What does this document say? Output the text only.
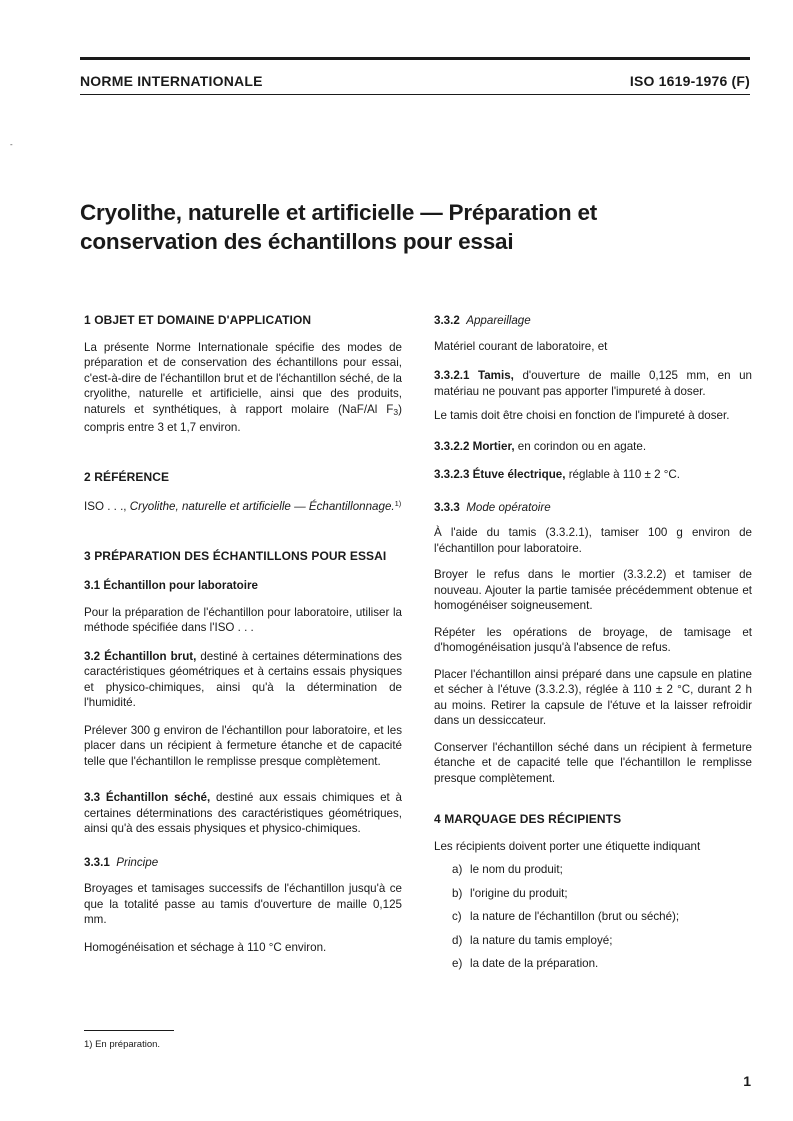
NORME INTERNATIONALE	ISO 1619-1976 (F)
-
Cryolithe, naturelle et artificielle — Préparation et
conservation des échantillons pour essai

1 OBJET ET DOMAINE D'APPLICATION

La présente Norme Internationale spécifie des modes de préparation et de conservation des échantillons pour essai, c'est-à-dire de l'échantillon brut et de l'échantillon séché, de la cryolithe, naturelle et artificielle, ainsi que des produits, naturels et synthétiques, à rapport molaire (NaF/Al $F_3$) compris entre 3 et 1,7 environ.

2 RÉFÉRENCE

ISO . . ., Cryolithe, naturelle et artificielle — Échantillonnage.$^{1)}$

3 PRÉPARATION DES ÉCHANTILLONS POUR ESSAI

3.1 Échantillon pour laboratoire

Pour la préparation de l'échantillon pour laboratoire, utiliser la méthode spécifiée dans l'ISO . . .

3.2 Échantillon brut, destiné à certaines déterminations des caractéristiques géométriques et à certains essais physiques et physico-chimiques, ainsi qu'à la détermination de l'humidité.

Prélever 300 g environ de l'échantillon pour laboratoire, et les placer dans un récipient à fermeture étanche et de capacité telle que l'échantillon le remplisse presque complètement.

3.3 Échantillon séché, destiné aux essais chimiques et à certaines déterminations des caractéristiques géométriques, ainsi qu'à des essais physiques et physico-chimiques.

3.3.1 Principe

Broyages et tamisages successifs de l'échantillon jusqu'à ce que la totalité passe au tamis d'ouverture de maille 0,125 mm.

Homogénéisation et séchage à 110 °C environ.

3.3.2 Appareillage

Matériel courant de laboratoire, et

3.3.2.1 Tamis, d'ouverture de maille 0,125 mm, en un matériau ne pouvant pas apporter l'impureté à doser.

Le tamis doit être choisi en fonction de l'impureté à doser.

3.3.2.2 Mortier, en corindon ou en agate.

3.3.2.3 Étuve électrique, réglable à 110 ± 2 °C.

3.3.3 Mode opératoire

À l'aide du tamis (3.3.2.1), tamiser 100 g environ de l'échantillon pour laboratoire.

Broyer le refus dans le mortier (3.3.2.2) et tamiser de nouveau. Ajouter la partie tamisée précédemment obtenue et homogénéiser soigneusement.

Répéter les opérations de broyage, de tamisage et d'homogénéisation jusqu'à l'absence de refus.

Placer l'échantillon ainsi préparé dans une capsule en platine et sécher à l'étuve (3.3.2.3), réglée à 110 ± 2 °C, durant 2 h au moins. Retirer la capsule de l'étuve et la laisser refroidir dans un dessiccateur.

Conserver l'échantillon séché dans un récipient à fermeture étanche et de capacité telle que l'échantillon le remplisse presque complètement.

4 MARQUAGE DES RÉCIPIENTS

Les récipients doivent porter une étiquette indiquant

a) le nom du produit;
b) l'origine du produit;
c) la nature de l'échantillon (brut ou séché);
d) la nature du tamis employé;
e) la date de la préparation.
1) En préparation.
1
